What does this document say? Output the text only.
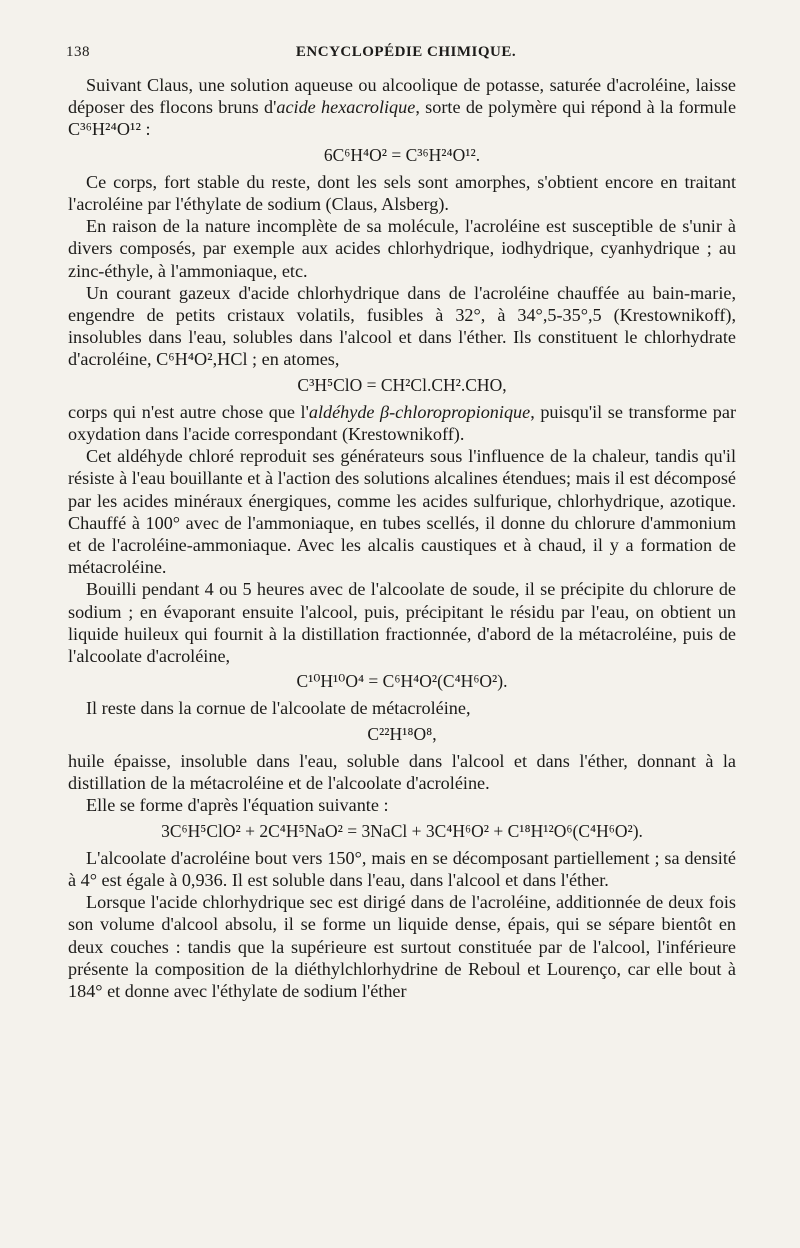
138	ENCYCLOPÉDIE CHIMIQUE.

Suivant Claus, une solution aqueuse ou alcoolique de potasse, saturée d'acroléine, laisse déposer des flocons bruns d'acide hexacrolique, sorte de polymère qui répond à la formule C³⁶H²⁴O¹² :

6C⁶H⁴O² = C³⁶H²⁴O¹².

Ce corps, fort stable du reste, dont les sels sont amorphes, s'obtient encore en traitant l'acroléine par l'éthylate de sodium (Claus, Alsberg).

En raison de la nature incomplète de sa molécule, l'acroléine est susceptible de s'unir à divers composés, par exemple aux acides chlorhydrique, iodhydrique, cyanhydrique ; au zinc-éthyle, à l'ammoniaque, etc.

Un courant gazeux d'acide chlorhydrique dans de l'acroléine chauffée au bain-marie, engendre de petits cristaux volatils, fusibles à 32°, à 34°,5-35°,5 (Krestownikoff), insolubles dans l'eau, solubles dans l'alcool et dans l'éther. Ils constituent le chlorhydrate d'acroléine, C⁶H⁴O²,HCl ; en atomes,

C³H⁵ClO = CH²Cl.CH².CHO,

corps qui n'est autre chose que l'aldéhyde β-chloropropionique, puisqu'il se transforme par oxydation dans l'acide correspondant (Krestownikoff).

Cet aldéhyde chloré reproduit ses générateurs sous l'influence de la chaleur, tandis qu'il résiste à l'eau bouillante et à l'action des solutions alcalines étendues; mais il est décomposé par les acides minéraux énergiques, comme les acides sulfurique, chlorhydrique, azotique. Chauffé à 100° avec de l'ammoniaque, en tubes scellés, il donne du chlorure d'ammonium et de l'acroléine-ammoniaque. Avec les alcalis caustiques et à chaud, il y a formation de métacroléine.

Bouilli pendant 4 ou 5 heures avec de l'alcoolate de soude, il se précipite du chlorure de sodium ; en évaporant ensuite l'alcool, puis, précipitant le résidu par l'eau, on obtient un liquide huileux qui fournit à la distillation fractionnée, d'abord de la métacroléine, puis de l'alcoolate d'acroléine,

C¹⁰H¹⁰O⁴ = C⁶H⁴O²(C⁴H⁶O²).

Il reste dans la cornue de l'alcoolate de métacroléine,

C²²H¹⁸O⁸,

huile épaisse, insoluble dans l'eau, soluble dans l'alcool et dans l'éther, donnant à la distillation de la métacroléine et de l'alcoolate d'acroléine.

Elle se forme d'après l'équation suivante :

3C⁶H⁵ClO² + 2C⁴H⁵NaO² = 3NaCl + 3C⁴H⁶O² + C¹⁸H¹²O⁶(C⁴H⁶O²).

L'alcoolate d'acroléine bout vers 150°, mais en se décomposant partiellement ; sa densité à 4° est égale à 0,936. Il est soluble dans l'eau, dans l'alcool et dans l'éther.

Lorsque l'acide chlorhydrique sec est dirigé dans de l'acroléine, additionnée de deux fois son volume d'alcool absolu, il se forme un liquide dense, épais, qui se sépare bientôt en deux couches : tandis que la supérieure est surtout constituée par de l'alcool, l'inférieure présente la composition de la diéthylchlorhydrine de Reboul et Lourenço, car elle bout à 184° et donne avec l'éthylate de sodium l'éther
